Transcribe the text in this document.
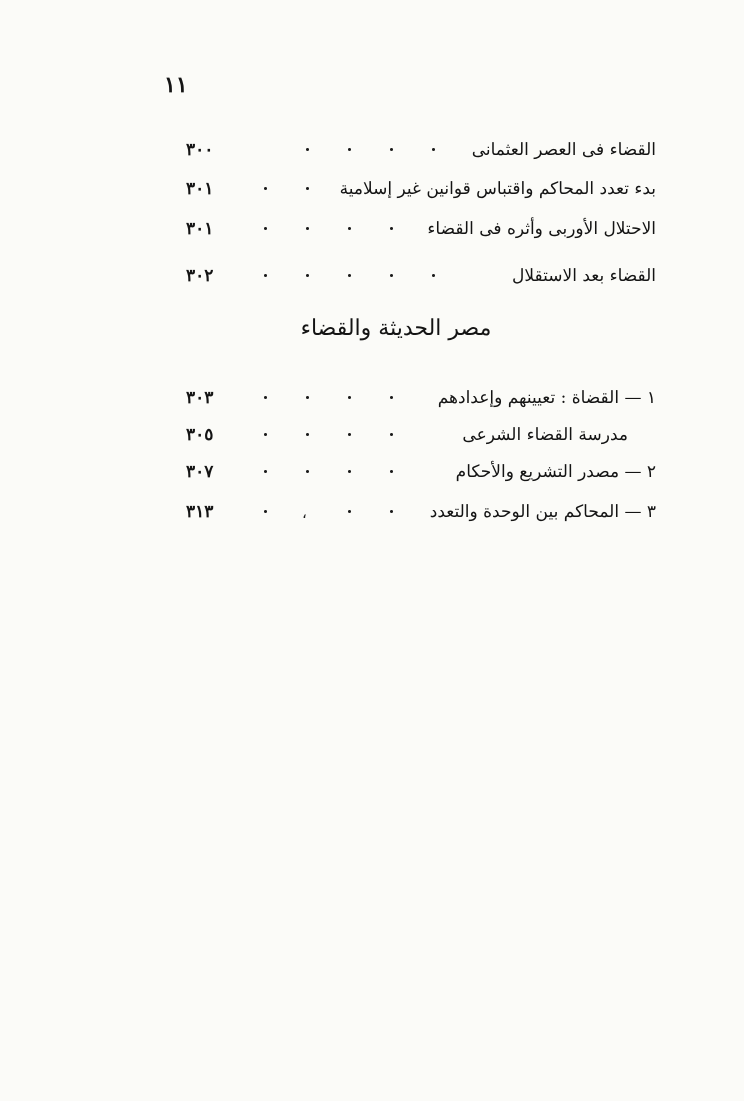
١١
القضاء فى العصر العثمانى
٣٠٠
بدء تعدد المحاكم واقتباس قوانين غير إسلامية
٣٠١
الاحتلال الأوربى وأثره فى القضاء
٣٠١
القضاء بعد الاستقلال
٣٠٢
مصر الحديثة والقضاء
١ — القضاة : تعيينهم وإعدادهم
٣٠٣
مدرسة القضاء الشرعى
٣٠٥
٢ — مصدر التشريع والأحكام
٣٠٧
٣ — المحاكم بين الوحدة والتعدد
،
٣١٣
